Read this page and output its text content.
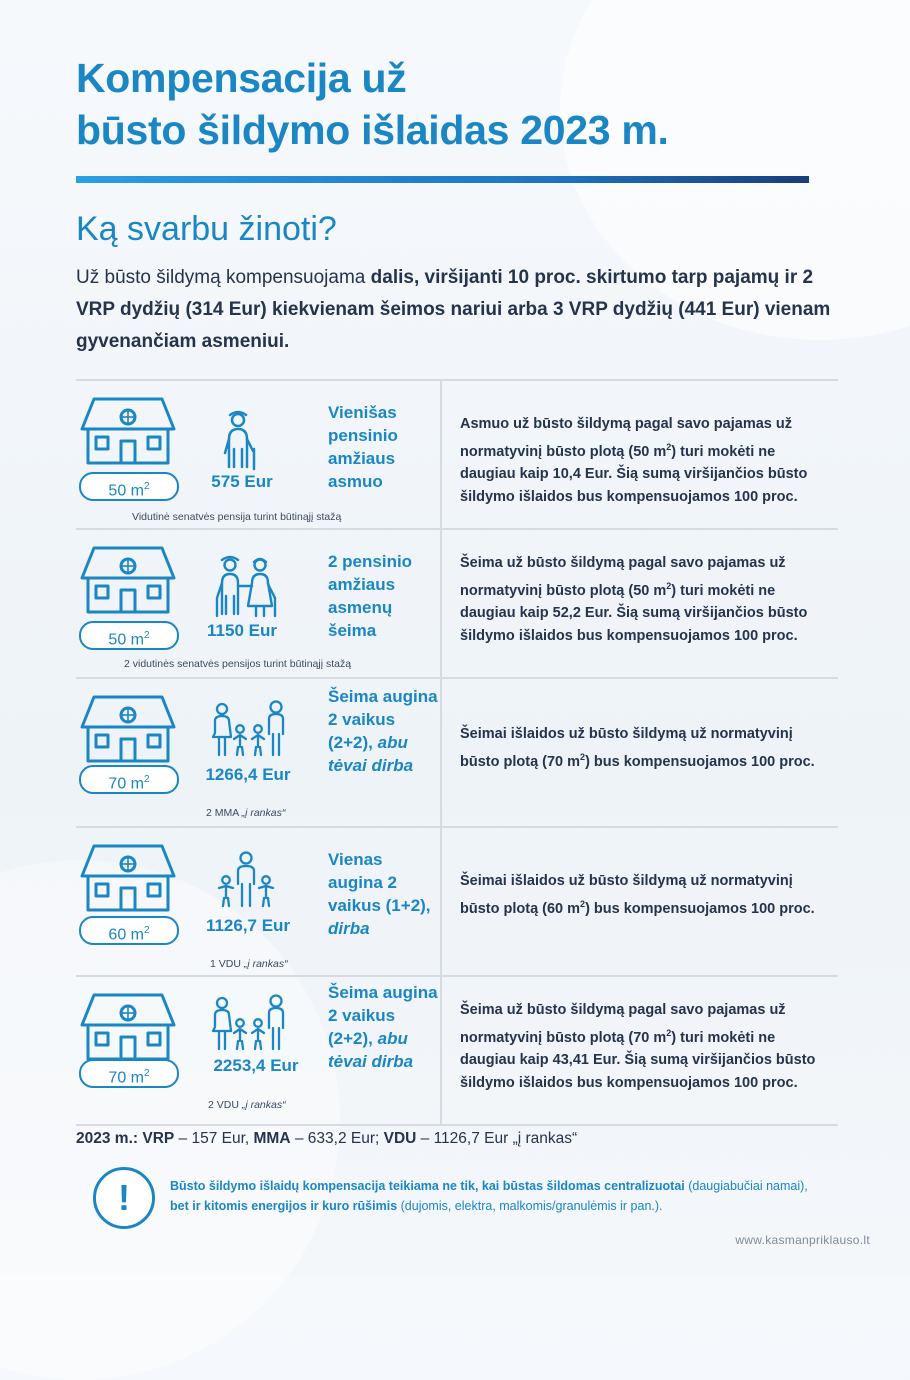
Kompensacija už
būsto šildymo išlaidas 2023 m.
Ką svarbu žinoti?

Už būsto šildymą kompensuojama dalis, viršijanti 10 proc. skirtumo tarp pajamų ir 2 VRP dydžių (314 Eur) kiekvienam šeimos nariui arba 3 VRP dydžių (441 Eur) vienam gyvenančiam asmeniui.

50 $m^2$	575 Eur

Vienišas pensinio amžiaus asmuo

Vidutinė senatvės pensija turint būtinąjį stažą

Asmuo už būsto šildymą pagal savo pajamas už normatyvinį būsto plotą (50 $m^2$) turi mokėti ne daugiau kaip 10,4 Eur. Šią sumą viršijančios būsto šildymo išlaidos bus kompensuojamos 100 proc.

50 $m^2$	1150 Eur

2 pensinio amžiaus asmenų šeima

2 vidutinės senatvės pensijos turint būtinąjį stažą

Šeima už būsto šildymą pagal savo pajamas už normatyvinį būsto plotą (50 $m^2$) turi mokėti ne daugiau kaip 52,2 Eur. Šią sumą viršijančios būsto šildymo išlaidos bus kompensuojamos 100 proc.

70 $m^2$	1266,4 Eur

Šeima augina 2 vaikus (2+2), abu tėvai dirba

2 MMA „į rankas“

Šeimai išlaidos už būsto šildymą už normatyvinį būsto plotą (70 $m^2$) bus kompensuojamos 100 proc.

60 $m^2$	1126,7 Eur

Vienas augina 2 vaikus (1+2), dirba

1 VDU „į rankas“

Šeimai išlaidos už būsto šildymą už normatyvinį būsto plotą (60 $m^2$) bus kompensuojamos 100 proc.

70 $m^2$	2253,4 Eur

Šeima augina 2 vaikus (2+2), abu tėvai dirba

2 VDU „į rankas“

Šeima už būsto šildymą pagal savo pajamas už normatyvinį būsto plotą (70 $m^2$) turi mokėti ne daugiau kaip 43,41 Eur. Šią sumą viršijančios būsto šildymo išlaidos bus kompensuojamos 100 proc.

2023 m.: VRP – 157 Eur, MMA – 633,2 Eur; VDU – 1126,7 Eur „į rankas“

!	Būsto šildymo išlaidų kompensacija teikiama ne tik, kai būstas šildomas centralizuotai (daugiabučiai namai),
bet ir kitomis energijos ir kuro rūšimis (dujomis, elektra, malkomis/granulėmis ir pan.).

www.kasmanpriklauso.lt
